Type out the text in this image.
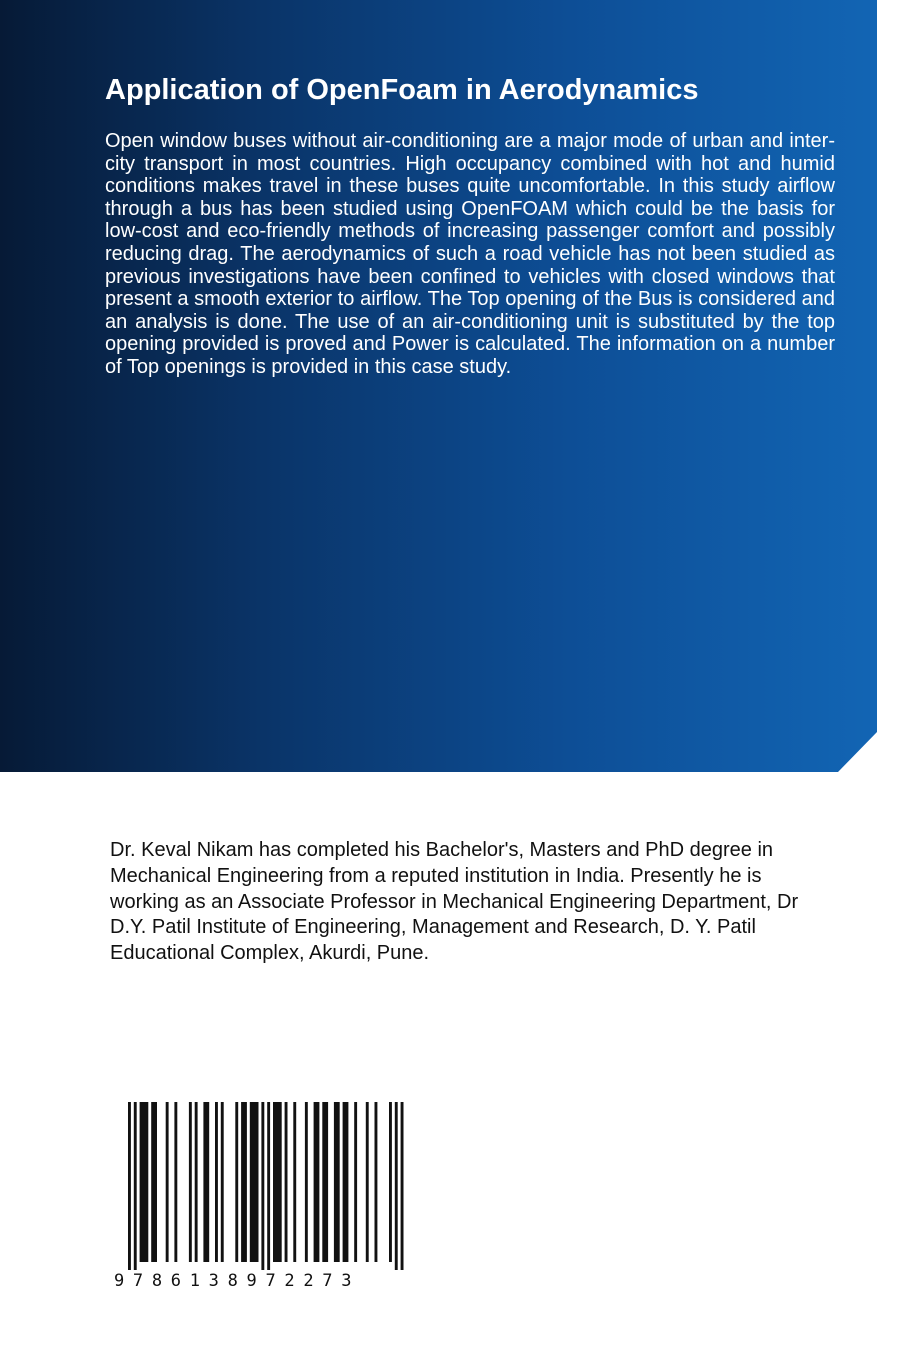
Application of OpenFoam in Aerodynamics

Open window buses without air-conditioning are a major mode of urban and inter-city transport in most countries. High occupancy combined with hot and humid conditions makes travel in these buses quite uncomfortable. In this study airflow through a bus has been studied using OpenFOAM which could be the basis for low-cost and eco-friendly methods of increasing passenger comfort and possibly reducing drag. The aerodynamics of such a road vehicle has not been studied as previous investigations have been confined to vehicles with closed windows that present a smooth exterior to airflow. The Top opening of the Bus is considered and an analysis is done. The use of an air-conditioning unit is substituted by the top opening provided is proved and Power is calculated. The information on a number of Top openings is provided in this case study.

Dr. Keval Nikam has completed his Bachelor's, Masters and PhD degree in Mechanical Engineering from a reputed institution in India. Presently he is working as an Associate Professor in Mechanical Engineering Department, Dr D.Y. Patil Institute of Engineering, Management and Research, D. Y. Patil Educational Complex, Akurdi, Pune.

9786138972273
